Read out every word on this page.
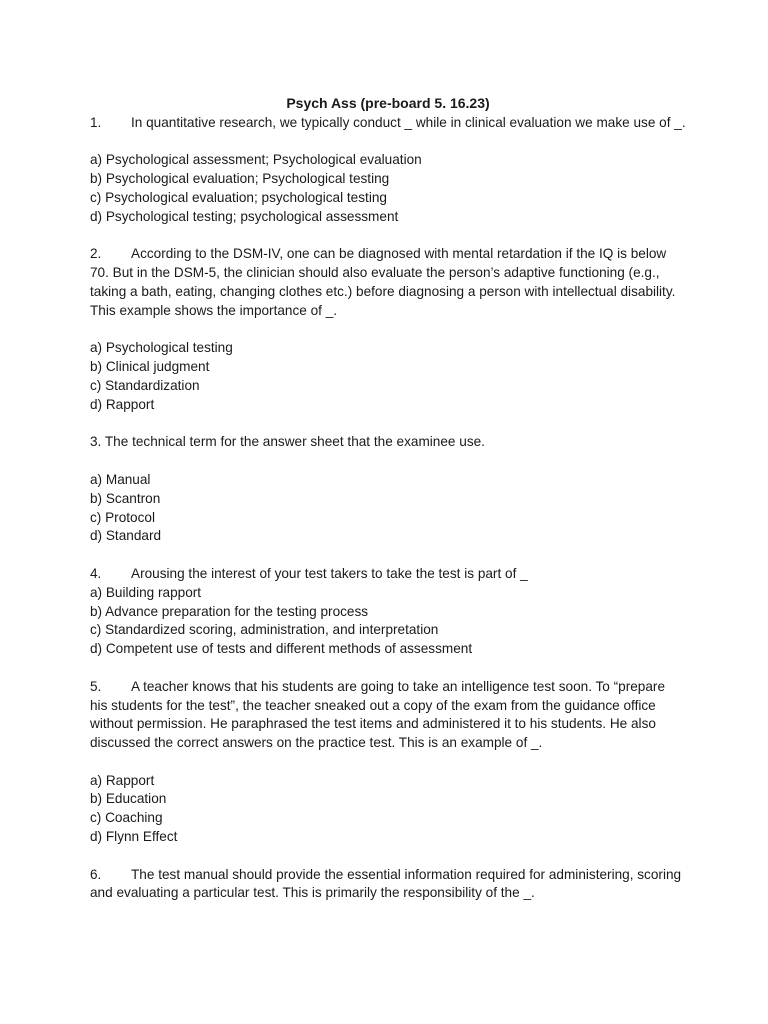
Psych Ass (pre-board 5. 16.23)

1. In quantitative research, we typically conduct _ while in clinical evaluation we make use of _.

a) Psychological assessment; Psychological evaluation
b) Psychological evaluation; Psychological testing
c) Psychological evaluation; psychological testing
d) Psychological testing; psychological assessment

2. According to the DSM-IV, one can be diagnosed with mental retardation if the IQ is below 70. But in the DSM-5, the clinician should also evaluate the person’s adaptive functioning (e.g., taking a bath, eating, changing clothes etc.) before diagnosing a person with intellectual disability. This example shows the importance of _.

a) Psychological testing
b) Clinical judgment
c) Standardization
d) Rapport

3. The technical term for the answer sheet that the examinee use.

a) Manual
b) Scantron
c) Protocol
d) Standard

4. Arousing the interest of your test takers to take the test is part of _

a) Building rapport
b) Advance preparation for the testing process
c) Standardized scoring, administration, and interpretation
d) Competent use of tests and different methods of assessment

5. A teacher knows that his students are going to take an intelligence test soon. To “prepare his students for the test”, the teacher sneaked out a copy of the exam from the guidance office without permission. He paraphrased the test items and administered it to his students. He also discussed the correct answers on the practice test. This is an example of _.

a) Rapport
b) Education
c) Coaching
d) Flynn Effect

6. The test manual should provide the essential information required for administering, scoring and evaluating a particular test. This is primarily the responsibility of the _.
